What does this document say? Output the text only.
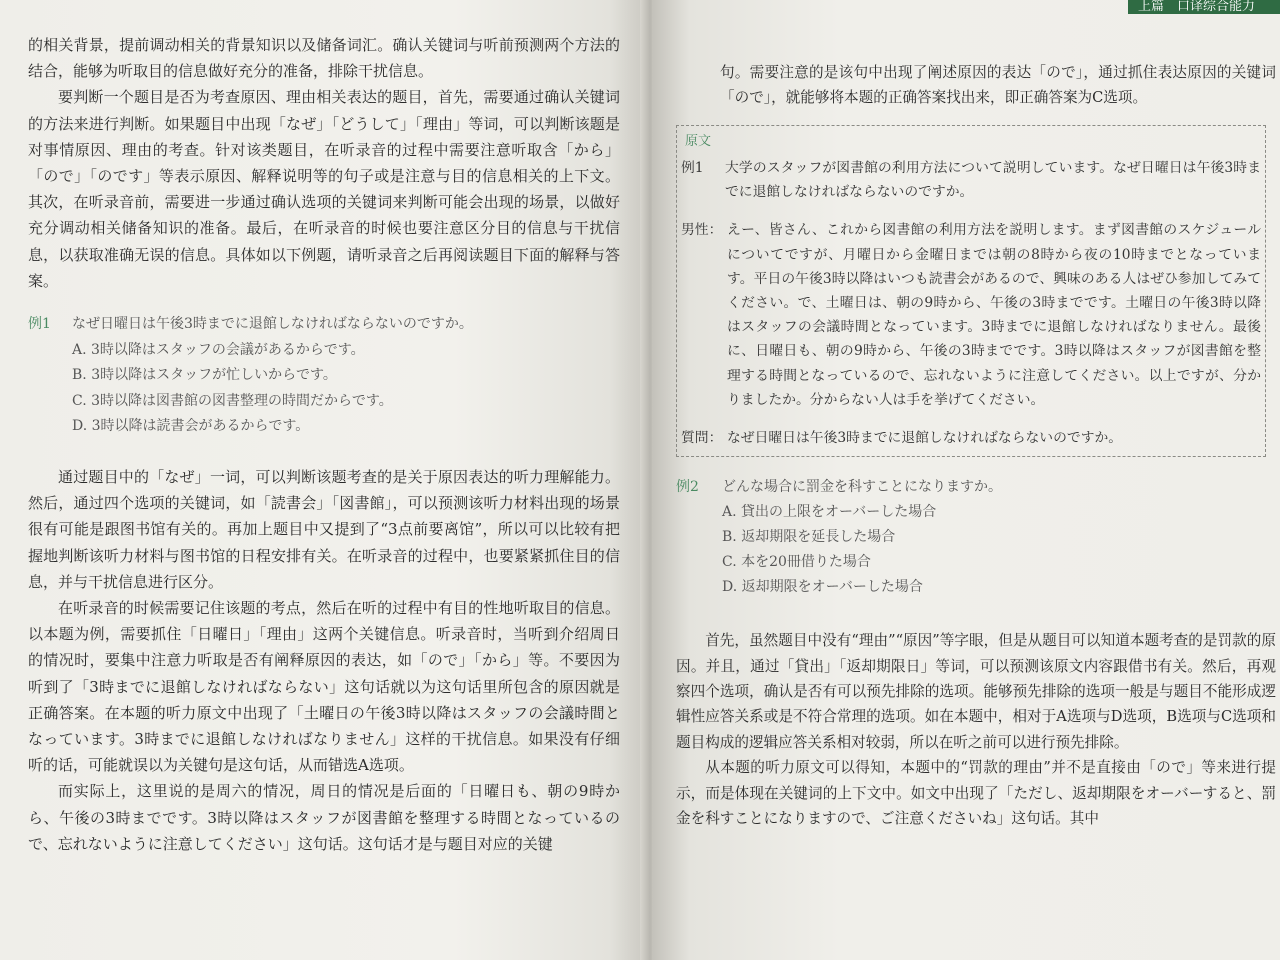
的相关背景，提前调动相关的背景知识以及储备词汇。确认关键词与听前预测两个方法的结合，能够为听取目的信息做好充分的准备，排除干扰信息。

要判断一个题目是否为考查原因、理由相关表达的题目，首先，需要通过确认关键词的方法来进行判断。如果题目中出现「なぜ」「どうして」「理由」等词，可以判断该题是对事情原因、理由的考查。针对该类题目，在听录音的过程中需要注意听取含「から」「ので」「のです」等表示原因、解释说明等的句子或是注意与目的信息相关的上下文。其次，在听录音前，需要进一步通过确认选项的关键词来判断可能会出现的场景，以做好充分调动相关储备知识的准备。最后，在听录音的时候也要注意区分目的信息与干扰信息，以获取准确无误的信息。具体如以下例题，请听录音之后再阅读题目下面的解释与答案。

例1 なぜ日曜日は午後3時までに退館しなければならないのですか。
A. 3時以降はスタッフの会議があるからです。
B. 3時以降はスタッフが忙しいからです。
C. 3時以降は図書館の図書整理の時間だからです。
D. 3時以降は読書会があるからです。

通过题目中的「なぜ」一词，可以判断该题考查的是关于原因表达的听力理解能力。然后，通过四个选项的关键词，如「読書会」「図書館」，可以预测该听力材料出现的场景很有可能是跟图书馆有关的。再加上题目中又提到了“3点前要离馆”，所以可以比较有把握地判断该听力材料与图书馆的日程安排有关。在听录音的过程中，也要紧紧抓住目的信息，并与干扰信息进行区分。

在听录音的时候需要记住该题的考点，然后在听的过程中有目的性地听取目的信息。以本题为例，需要抓住「日曜日」「理由」这两个关键信息。听录音时，当听到介绍周日的情况时，要集中注意力听取是否有阐释原因的表达，如「ので」「から」等。不要因为听到了「3時までに退館しなければならない」这句话就以为这句话里所包含的原因就是正确答案。在本题的听力原文中出现了「土曜日の午後3時以降はスタッフの会議時間となっています。3時までに退館しなければなりません」这样的干扰信息。如果没有仔细听的话，可能就误以为关键句是这句话，从而错选A选项。

而实际上，这里说的是周六的情况，周日的情况是后面的「日曜日も、朝の9時から、午後の3時までです。3時以降はスタッフが図書館を整理する時間となっているので、忘れないように注意してください」这句话。这句话才是与题目对应的关键

上篇　口译综合能力

句。需要注意的是该句中出现了阐述原因的表达「ので」，通过抓住表达原因的关键词「ので」，就能够将本题的正确答案找出来，即正确答案为C选项。

原文
例1	大学のスタッフが図書館の利用方法について説明しています。なぜ日曜日は午後3時までに退館しなければならないのですか。
男性： えー、皆さん、これから図書館の利用方法を説明します。まず図書館のスケジュールについてですが、月曜日から金曜日までは朝の8時から夜の10時までとなっています。平日の午後3時以降はいつも読書会があるので、興味のある人はぜひ参加してみてください。で、土曜日は、朝の9時から、午後の3時までです。土曜日の午後3時以降はスタッフの会議時間となっています。3時までに退館しなければなりません。最後に、日曜日も、朝の9時から、午後の3時までです。3時以降はスタッフが図書館を整理する時間となっているので、忘れないように注意してください。以上ですが、分かりましたか。分からない人は手を挙げてください。
質問： なぜ日曜日は午後3時までに退館しなければならないのですか。
例2 どんな場合に罰金を科すことになりますか。
A. 貸出の上限をオーバーした場合
B. 返却期限を延長した場合
C. 本を20冊借りた場合
D. 返却期限をオーバーした場合

首先，虽然题目中没有“理由”“原因”等字眼，但是从题目可以知道本题考查的是罚款的原因。并且，通过「貸出」「返却期限日」等词，可以预测该原文内容跟借书有关。然后，再观察四个选项，确认是否有可以预先排除的选项。能够预先排除的选项一般是与题目不能形成逻辑性应答关系或是不符合常理的选项。如在本题中，相对于A选项与D选项，B选项与C选项和题目构成的逻辑应答关系相对较弱，所以在听之前可以进行预先排除。

从本题的听力原文可以得知，本题中的“罚款的理由”并不是直接由「ので」等来进行提示，而是体现在关键词的上下文中。如文中出现了「ただし、返却期限をオーバーすると、罰金を科すことになりますので、ご注意くださいね」这句话。其中
